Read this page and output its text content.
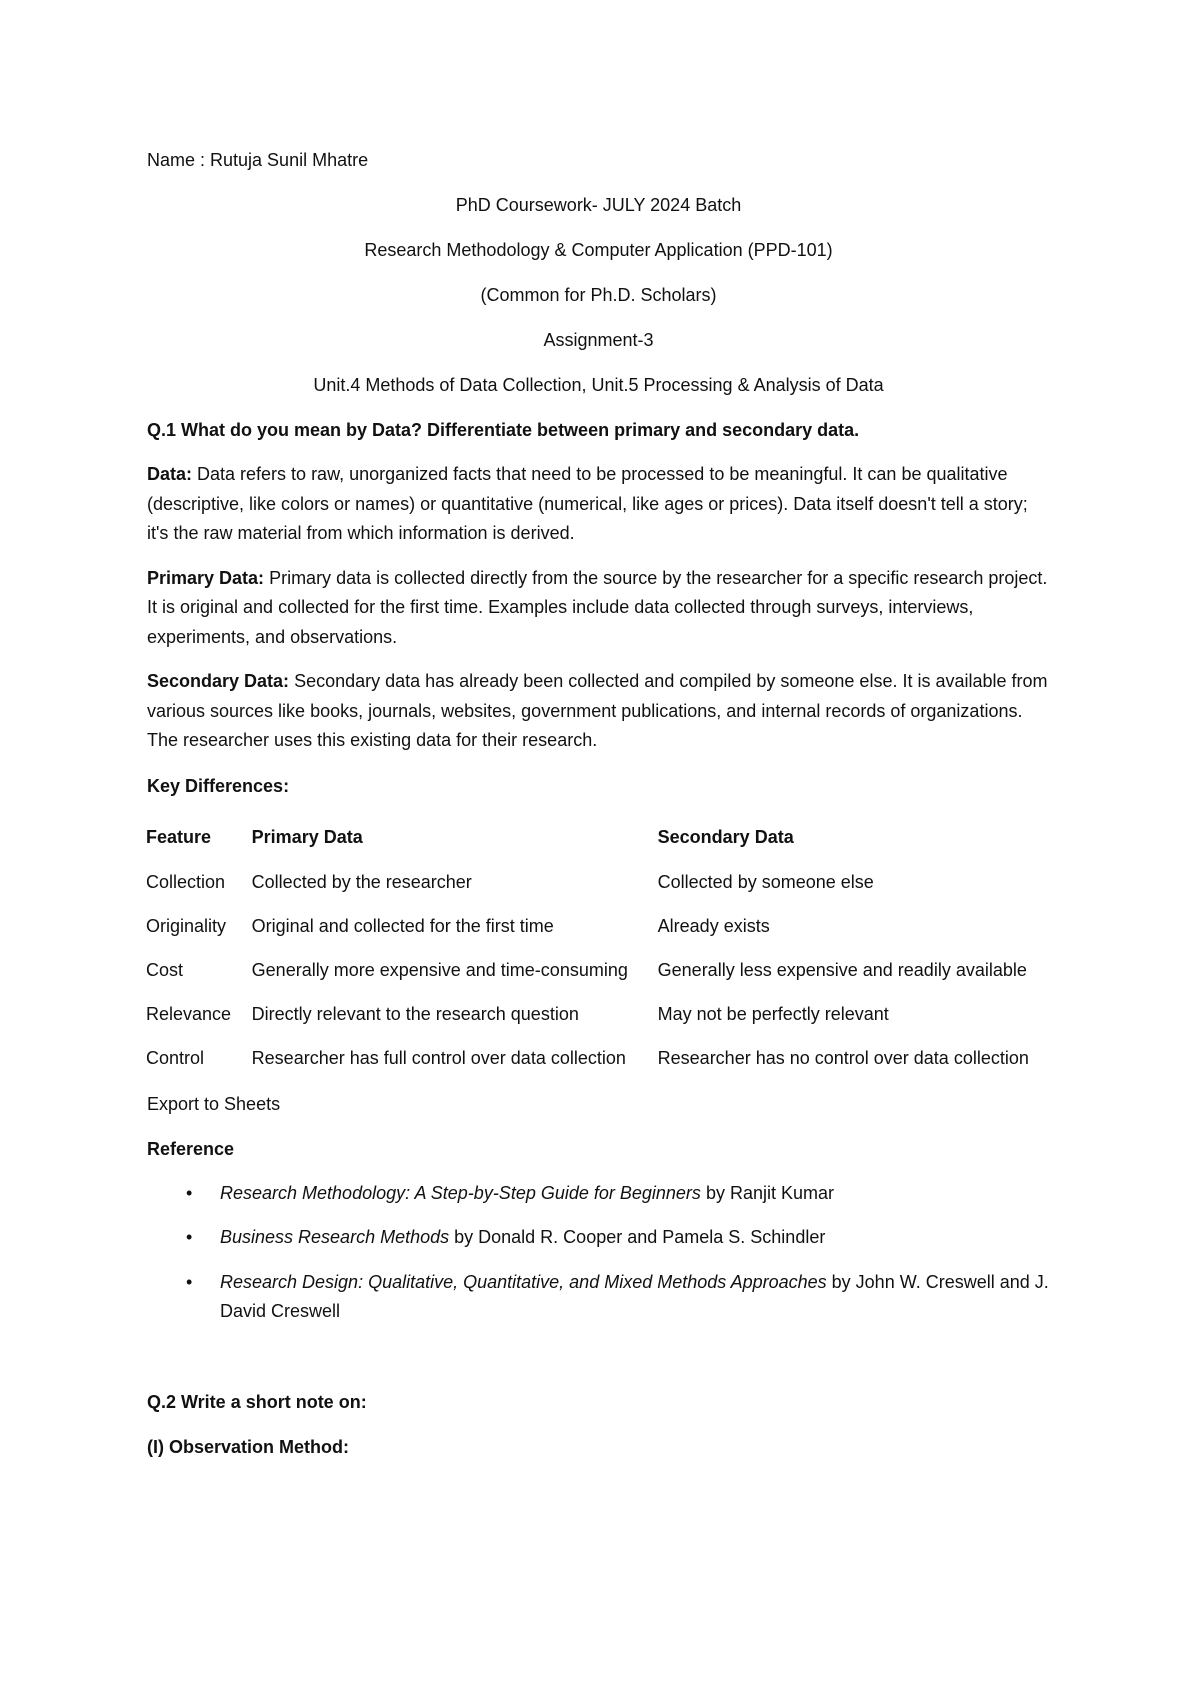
Name : Rutuja Sunil Mhatre
PhD Coursework- JULY 2024 Batch
Research Methodology & Computer Application (PPD-101)
(Common for Ph.D. Scholars)
Assignment-3
Unit.4 Methods of Data Collection, Unit.5 Processing & Analysis of Data
Q.1 What do you mean by Data? Differentiate between primary and secondary data.

Data: Data refers to raw, unorganized facts that need to be processed to be meaningful. It can be qualitative (descriptive, like colors or names) or quantitative (numerical, like ages or prices). Data itself doesn't tell a story; it's the raw material from which information is derived.

Primary Data: Primary data is collected directly from the source by the researcher for a specific research project. It is original and collected for the first time. Examples include data collected through surveys, interviews, experiments, and observations.

Secondary Data: Secondary data has already been collected and compiled by someone else. It is available from various sources like books, journals, websites, government publications, and internal records of organizations. The researcher uses this existing data for their research.

Key Differences:
Feature	Primary Data	Secondary Data
Collection	Collected by the researcher	Collected by someone else
Originality	Original and collected for the first time	Already exists
Cost	Generally more expensive and time-consuming	Generally less expensive and readily available
Relevance	Directly relevant to the research question	May not be perfectly relevant
Control	Researcher has full control over data collection	Researcher has no control over data collection
Export to Sheets
Reference
• Research Methodology: A Step-by-Step Guide for Beginners by Ranjit Kumar
• Business Research Methods by Donald R. Cooper and Pamela S. Schindler
• Research Design: Qualitative, Quantitative, and Mixed Methods Approaches by John W. Creswell and J. David Creswell
Q.2 Write a short note on:
(I) Observation Method:
